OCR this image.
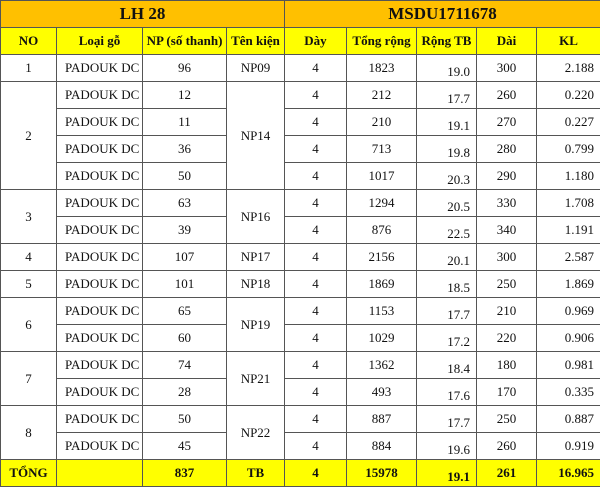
LH 28				MSDU1711678				
NO	Loại gỗ	NP (số thanh)	Tên kiện	Dày	Tổng rộng	Rộng TB	Dài	KL
1	PADOUK DC	96	NP09	4	1823	19.0	300	2.188
2	PADOUK DC	12	NP14	4	212	17.7	260	0.220
	PADOUK DC	11		4	210	19.1	270	0.227
	PADOUK DC	36		4	713	19.8	280	0.799
	PADOUK DC	50		4	1017	20.3	290	1.180
3	PADOUK DC	63	NP16	4	1294	20.5	330	1.708
	PADOUK DC	39		4	876	22.5	340	1.191
4	PADOUK DC	107	NP17	4	2156	20.1	300	2.587
5	PADOUK DC	101	NP18	4	1869	18.5	250	1.869
6	PADOUK DC	65	NP19	4	1153	17.7	210	0.969
	PADOUK DC	60		4	1029	17.2	220	0.906
7	PADOUK DC	74	NP21	4	1362	18.4	180	0.981
	PADOUK DC	28		4	493	17.6	170	0.335
8	PADOUK DC	50	NP22	4	887	17.7	250	0.887
	PADOUK DC	45		4	884	19.6	260	0.919
TỔNG		837	TB	4	15978	19.1	261	16.965
